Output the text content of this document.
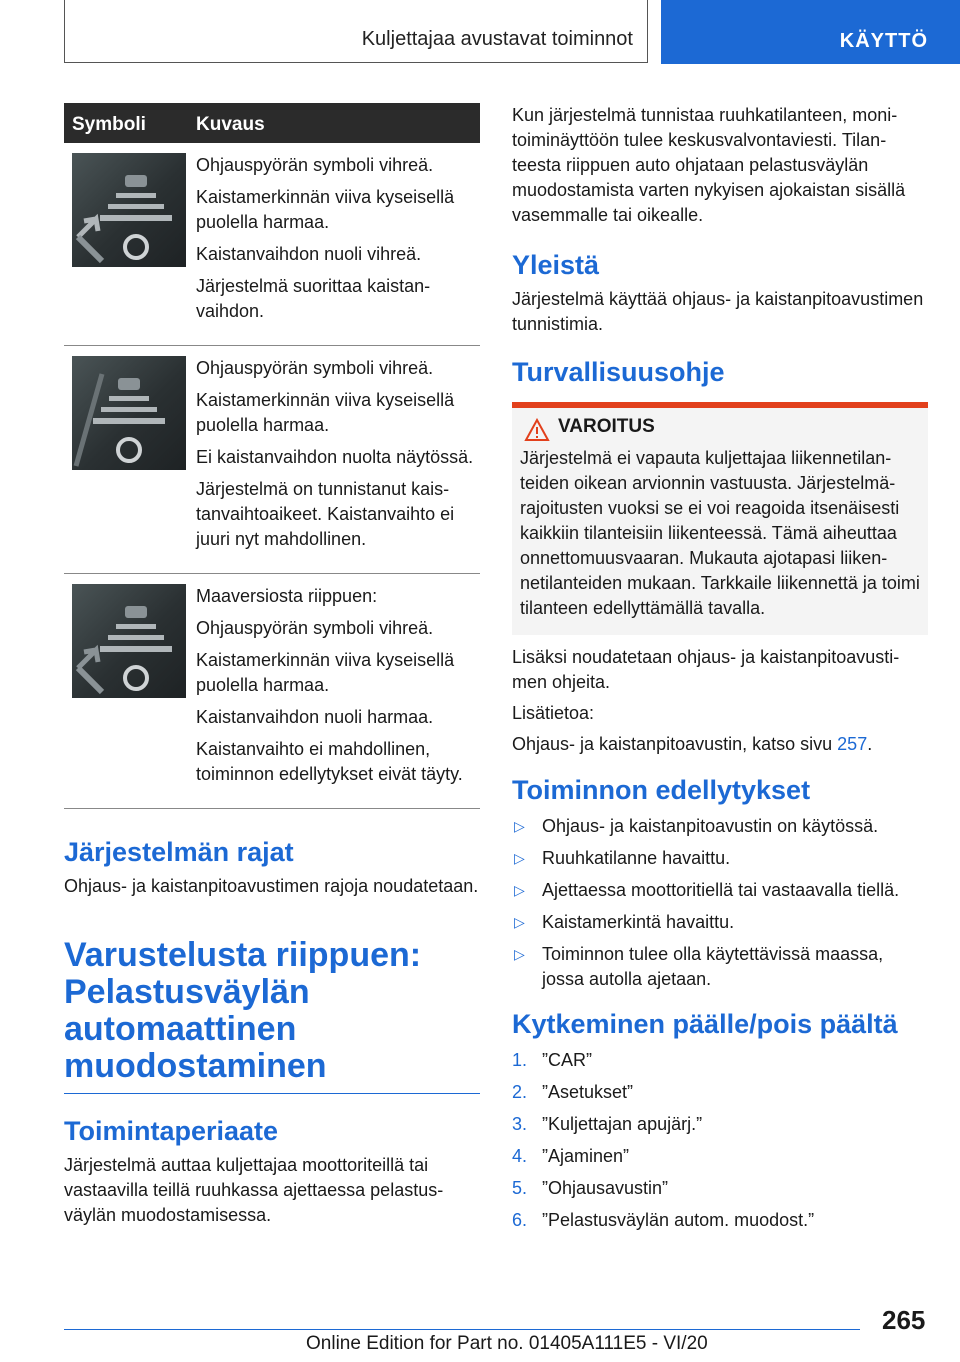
Kuljettajaa avustavat toiminnot	KÄYTTÖ
Symboli	Kuvaus

Ohjauspyörän symboli vihreä.

Kaistamerkinnän viiva kyseisellä puolella harmaa.

Kaistanvaihdon nuoli vihreä.

Järjestelmä suorittaa kaistanvaihdon.

Ohjauspyörän symboli vihreä.

Kaistamerkinnän viiva kyseisellä puolella harmaa.

Ei kaistanvaihdon nuolta näytössä.

Järjestelmä on tunnistanut kaistanvaihtoaikeet. Kaistanvaihto ei juuri nyt mahdollinen.

Maaversiosta riippuen:

Ohjauspyörän symboli vihreä.

Kaistamerkinnän viiva kyseisellä puolella harmaa.

Kaistanvaihdon nuoli harmaa.

Kaistanvaihto ei mahdollinen, toiminnon edellytykset eivät täyty.

Järjestelmän rajat

Ohjaus- ja kaistanpitoavustimen rajoja noudatetaan.

Varustelusta riippuen: Pelastusväylän automaattinen muodostaminen
Toimintaperiaate

Järjestelmä auttaa kuljettajaa moottoriteillä tai vastaavilla teillä ruuhkassa ajettaessa pelastusväylän muodostamisessa.

Kun järjestelmä tunnistaa ruuhkatilanteen, monitoiminäyttöön tulee keskusvalvontaviesti. Tilanteesta riippuen auto ohjataan pelastusväylän muodostamista varten nykyisen ajokaistan sisällä vasemmalle tai oikealle.

Yleistä

Järjestelmä käyttää ohjaus- ja kaistanpitoavustimen tunnistimia.

Turvallisuusohje
VAROITUS

Järjestelmä ei vapauta kuljettajaa liikennetilanteiden oikean arvionnin vastuusta. Järjestelmärajoitusten vuoksi se ei voi reagoida itsenäisesti kaikkiin tilanteisiin liikenteessä. Tämä aiheuttaa onnettomuusvaaran. Mukauta ajotapasi liikennetilanteiden mukaan. Tarkkaile liikennettä ja toimi tilanteen edellyttämällä tavalla.

Lisäksi noudatetaan ohjaus- ja kaistanpitoavustimen ohjeita.

Lisätietoa:

Ohjaus- ja kaistanpitoavustin, katso sivu 257.

Toiminnon edellytykset
▷ Ohjaus- ja kaistanpitoavustin on käytössä.
▷ Ruuhkatilanne havaittu.
▷ Ajettaessa moottoritiellä tai vastaavalla tiellä.
▷ Kaistamerkintä havaittu.
▷ Toiminnon tulee olla käytettävissä maassa, jossa autolla ajetaan.
Kytkeminen päälle/pois päältä
1. ”CAR”
2. ”Asetukset”
3. ”Kuljettajan apujärj.”
4. ”Ajaminen”
5. ”Ohjausavustin”
6. ”Pelastusväylän autom. muodost.”
265
Online Edition for Part no. 01405A111E5 - VI/20
